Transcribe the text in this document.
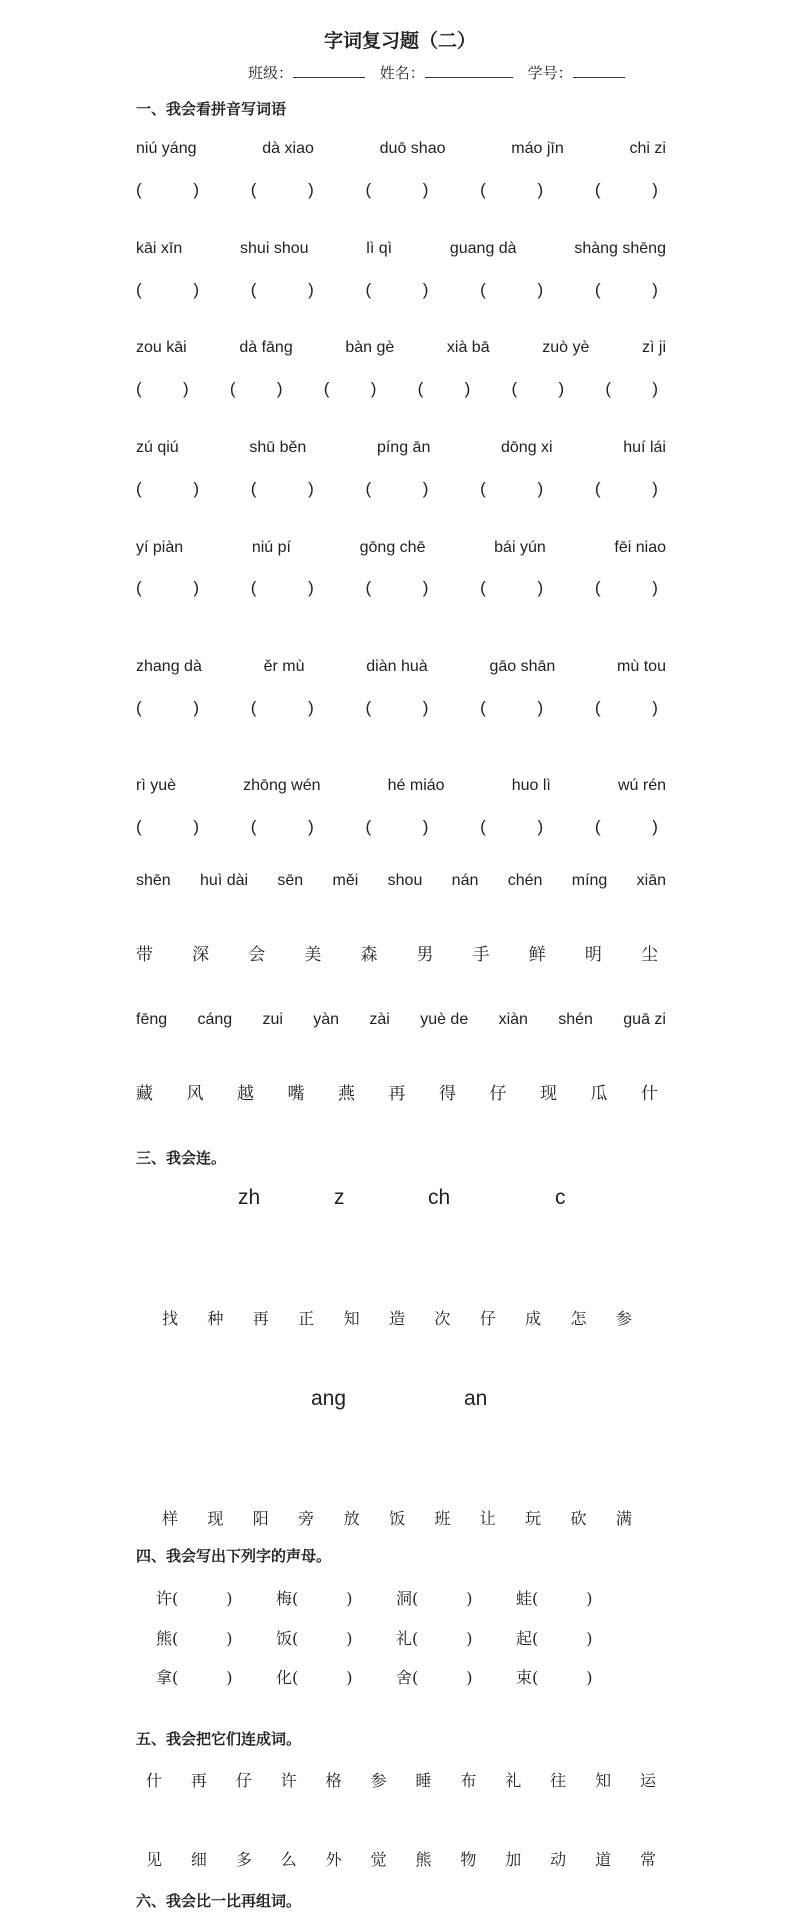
字词复习题（二）
班级：	姓名：	学号：
一、我会看拼音写词语
niú yáng	dà xiao	duō shao	máo jīn	chi zi
(	)	(	)	(	)	(	)	(	)
kāi xīn	shui shou	lì qì	guang dà	shàng shēng
(	)	(	)	(	)	(	)	(	)
zou kāi	dà fāng	bàn gè	xià bā	zuò yè	zì ji
( ) ( ) ( ) ( ) ( ) ( )
zú qiú	shū běn	píng ān	dōng xi	huí lái
(	)	(	)	(	)	(	)	(	)
yí piàn	niú pí	gōng chē	bái yún	fēi niao
(	)	(	)	(	)	(	)	(	)
zhang dà	ěr mù	diàn huà	gāo shān	mù tou
(	)	(	)	(	)	(	)	(	)
rì yuè	zhōng wén	hé miáo	huo lì	wú rén
(	)	(	)	(	)	(	)	(	)
shēn huì dài sēn měi shou nán chén míng xiān
带 深 会 美 森 男 手 鲜 明 尘
fēng cáng zui yàn zài yuè de xiàn shén guā zi
藏 风 越 嘴 燕 再 得 仔 现 瓜 什
三、我会连。
zh	z	ch	c
找 种 再 正 知 造 次 仔 成 怎 参
ang	an
样 现 阳 旁 放 饭 班 让 玩 砍 满
四、我会写出下列字的声母。
许(	)	梅(	)	洞(	)	蛙(	)
熊(	)	饭(	)	礼(	)	起(	)
拿(	)	化(	)	舍(	)	束(	)
五、我会把它们连成词。
什 再 仔 许 格 参 睡 布 礼 往 知 运
见 细 多 么 外 觉 熊 物 加 动 道 常
六、我会比一比再组词。
